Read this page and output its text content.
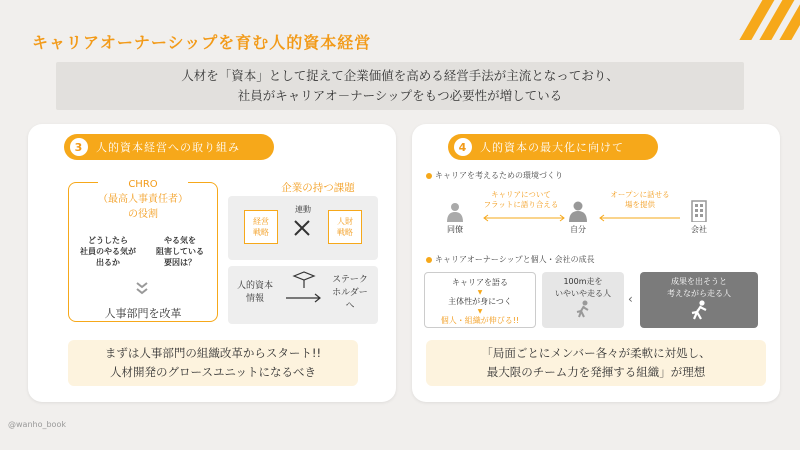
キャリアオーナーシップを育む人的資本経営
人材を「資本」として捉えて企業価値を高める経営手法が主流となっており、
社員がキャリアオ－ナーシップをもつ必要性が増している
3	人的資本経営への取り組み
CHRO
（最高人事責任者）
の役割
どうしたら
社員のやる気が
出るか
やる気を
阻害している
要因は？
人事部門を改革
企業の持つ課題
経営
戦略
連動
人財
戦略
人的資本
情報
ステーク
ホルダー
へ
まずは人事部門の組織改革からスタート!!
人材開発のグロースユニットになるべき
4	人的資本の最大化に向けて
キャリアを考えるための環境づくり
同僚	自分	会社
キャリアについて
フラットに語り合える
オープンに話せる
場を提供
キャリアオーナーシップと個人・会社の成長
キャリアを語る
▼
主体性が身につく
▼
個人・組織が伸びる!!
100m走を
いやいや走る人	‹
成果を出そうと
考えながら走る人
「局面ごとにメンバー各々が柔軟に対処し、
最大限のチーム力を発揮する組織」が理想
@wanho_book
